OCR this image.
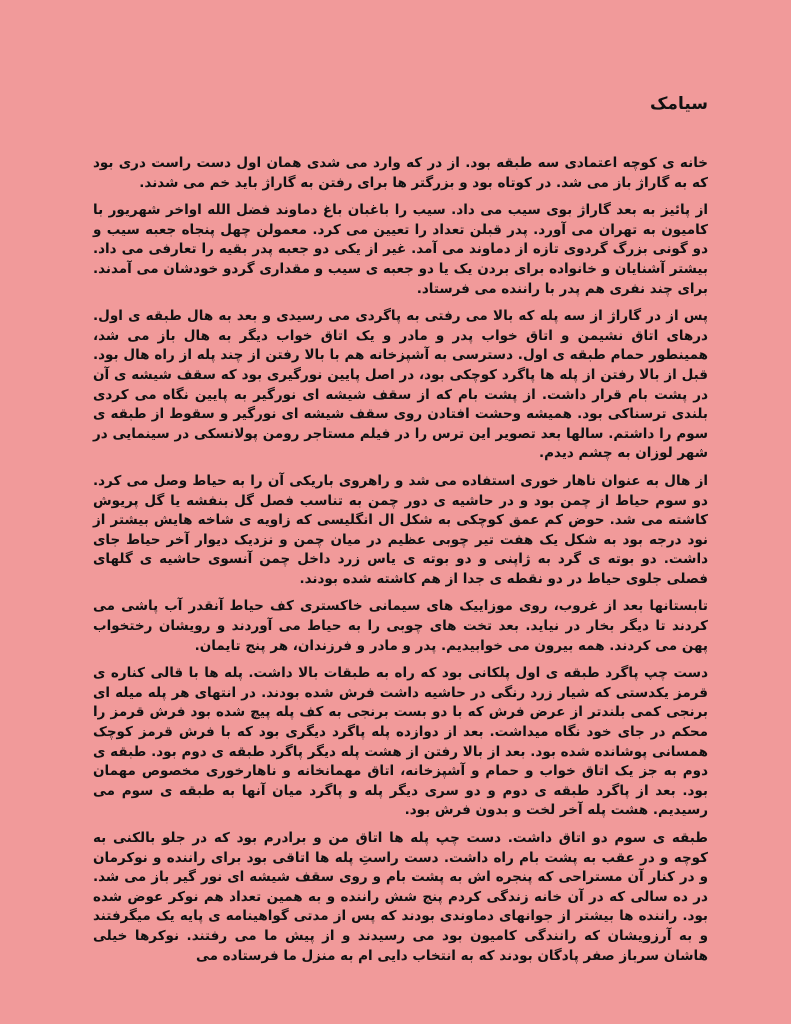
سیامک

خانه ی کوچه اعتمادی سه طبقه بود. از در که وارد می شدی همان اول دست راست دری بود که به گاراژ باز می شد. در کوتاه بود و بزرگتر ها برای رفتن به گاراژ باید خم می شدند.

از پائیز به بعد گاراژ بوی سیب می داد. سیب را باغبان باغ دماوند فضل الله اواخر شهریور با کامیون به تهران می آورد. پدر قبلن تعداد را تعیین می کرد. معمولن چهل پنجاه جعبه سیب و دو گونی بزرگ گردوی تازه از دماوند می آمد. غیر از یکی دو جعبه پدر بقیه را تعارفی می داد. بیشتر آشنایان و خانواده برای بردن یک یا دو جعبه ی سیب و مقداری گردو خودشان می آمدند. برای چند نفری هم پدر با راننده می فرستاد.

پس از در گاراژ از سه پله که بالا می رفتی به پاگردی می رسیدی و بعد به هال طبقه ی اول. درهای اتاق نشیمن و اتاق خواب پدر و مادر و یک اتاق خواب دیگر به هال باز می شد، همینطور حمام طبقه ی اول. دسترسی به آشپزخانه هم با بالا رفتن از چند پله از راه هال بود. قبل از بالا رفتن از پله ها پاگرد کوچکی بود، در اصل پایین نورگیری بود که سقف شیشه ی آن در پشت بام قرار داشت. از پشت بام که از سقف شیشه ای نورگیر به پایین نگاه می کردی بلندی ترسناکی بود. همیشه وحشت افتادن روی سقف شیشه ای نورگیر و سقوط از طبقه ی سوم را داشتم. سالها بعد تصویر این ترس را در فیلم مستاجر رومن پولانسکی در سینمایی در شهر لوزان به چشم دیدم.

از هال به عنوان ناهار خوری استفاده می شد و راهروی باریکی آن را به حیاط وصل می کرد. دو سوم حیاط از چمن بود و در حاشیه ی دور چمن به تناسب فصل گل بنفشه یا گل پریوش کاشته می شد. حوض کم عمق کوچکی به شکل ال انگلیسی که زاویه ی شاخه هایش بیشتر از نود درجه بود به شکل یک هفت تیر چوبی عظیم در میان چمن و نزدیک دیوار آخر حیاط جای داشت. دو بوته ی گرد به ژاپنی و دو بوته ی یاس زرد داخل چمن آنسوی حاشیه ی گلهای فصلی جلوی حیاط در دو نقطه ی جدا از هم کاشته شده بودند.

تابستانها بعد از غروب، روی موزاییک های سیمانی خاکستری کف حیاط آنقدر آب پاشی می کردند تا دیگر بخار در نیاید. بعد تخت های چوبی را به حیاط می آوردند و رویشان رختخواب پهن می کردند. همه بیرون می خوابیدیم. پدر و مادر و فرزندان، هر پنج تایمان.

دست چپ پاگرد طبقه ی اول پلکانی بود که راه به طبقات بالا داشت. پله ها با قالی کناره ی قرمز یکدستی که شیار زرد رنگی در حاشیه داشت فرش شده بودند. در انتهای هر پله میله ای برنجی کمی بلندتر از عرض فرش که با دو بست برنجی به کف پله پیچ شده بود فرش قرمز را محکم در جای خود نگاه میداشت. بعد از دوازده پله پاگرد دیگری بود که با فرش قرمز کوچک همسانی پوشانده شده بود. بعد از بالا رفتن از هشت پله دیگر پاگرد طبقه ی دوم بود. طبقه ی دوم به جز یک اتاق خواب و حمام و آشپزخانه، اتاق مهمانخانه و ناهارخوری مخصوص مهمان بود. بعد از پاگرد طبقه ی دوم و دو سری دیگر پله و پاگرد میان آنها به طبقه ی سوم می رسیدیم. هشت پله آخر لخت و بدون فرش بود.

طبقه ی سوم دو اتاق داشت. دست چپ پله ها اتاق من و برادرم بود که در جلو بالکنی به کوچه و در عقب به پشت بام راه داشت. دست راستِ پله ها اتاقی بود برای راننده و نوکرمان و در کنار آن مستراحی که پنجره اش به پشت بام و روی سقف شیشه ای نور گیر باز می شد. در ده سالی که در آن خانه زندگی کردم پنج شش راننده و به همین تعداد هم نوکر عوض شده بود. راننده ها بیشتر از جوانهای دماوندی بودند که پس از مدتی گواهینامه ی پایه یک میگرفتند و به آرزویشان که رانندگی کامیون بود می رسیدند و از پیش ما می رفتند. نوکرها خیلی هاشان سرباز صفر پادگان بودند که به انتخاب دایی ام به منزل ما فرستاده می
